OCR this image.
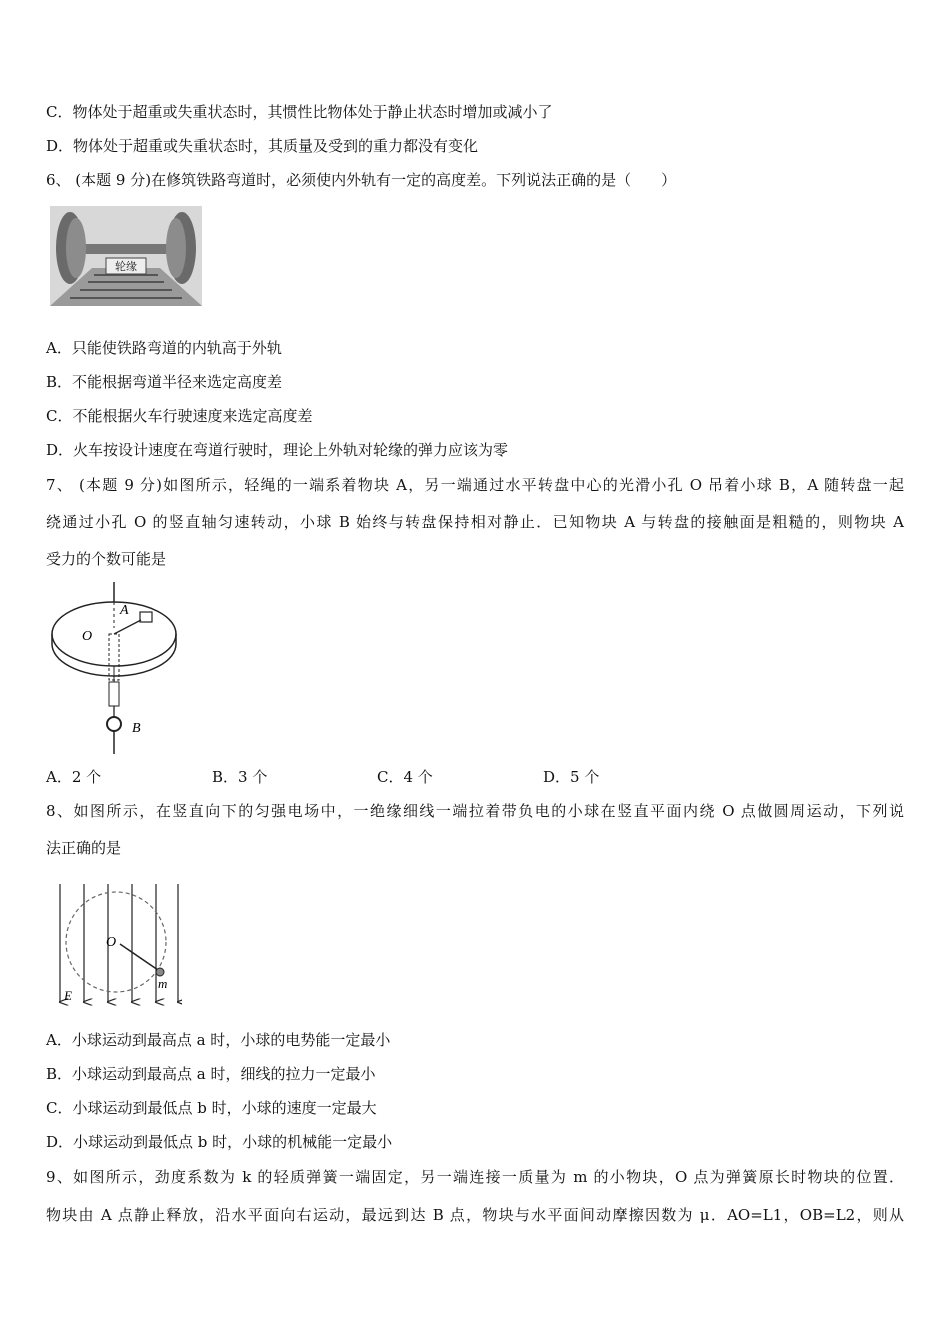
C．物体处于超重或失重状态时，其惯性比物体处于静止状态时增加或减小了
D．物体处于超重或失重状态时，其质量及受到的重力都没有变化
6、 (本题 9 分)在修筑铁路弯道时，必须使内外轨有一定的高度差。下列说法正确的是（　　）
轮缘
A．只能使铁路弯道的内轨高于外轨
B．不能根据弯道半径来选定高度差
C．不能根据火车行驶速度来选定高度差
D．火车按设计速度在弯道行驶时，理论上外轨对轮缘的弹力应该为零
7、 (本题 9 分)如图所示，轻绳的一端系着物块 A，另一端通过水平转盘中心的光滑小孔 O 吊着小球 B，A 随转盘一起
绕通过小孔 O 的竖直轴匀速转动，小球 B 始终与转盘保持相对静止．已知物块 A 与转盘的接触面是粗糙的，则物块 A
受力的个数可能是
A
O
B
A．2 个	B．3 个	C．4 个	D．5 个
8、如图所示，在竖直向下的匀强电场中，一绝缘细线一端拉着带负电的小球在竖直平面内绕 O 点做圆周运动，下列说
法正确的是
O
E
m
A．小球运动到最高点 a 时，小球的电势能一定最小
B．小球运动到最高点 a 时，细线的拉力一定最小
C．小球运动到最低点 b 时，小球的速度一定最大
D．小球运动到最低点 b 时，小球的机械能一定最小
9、如图所示，劲度系数为 k 的轻质弹簧一端固定，另一端连接一质量为 m 的小物块，O 点为弹簧原长时物块的位置．
物块由 A 点静止释放，沿水平面向右运动，最远到达 B 点，物块与水平面间动摩擦因数为 μ．AO=L1，OB=L2，则从
